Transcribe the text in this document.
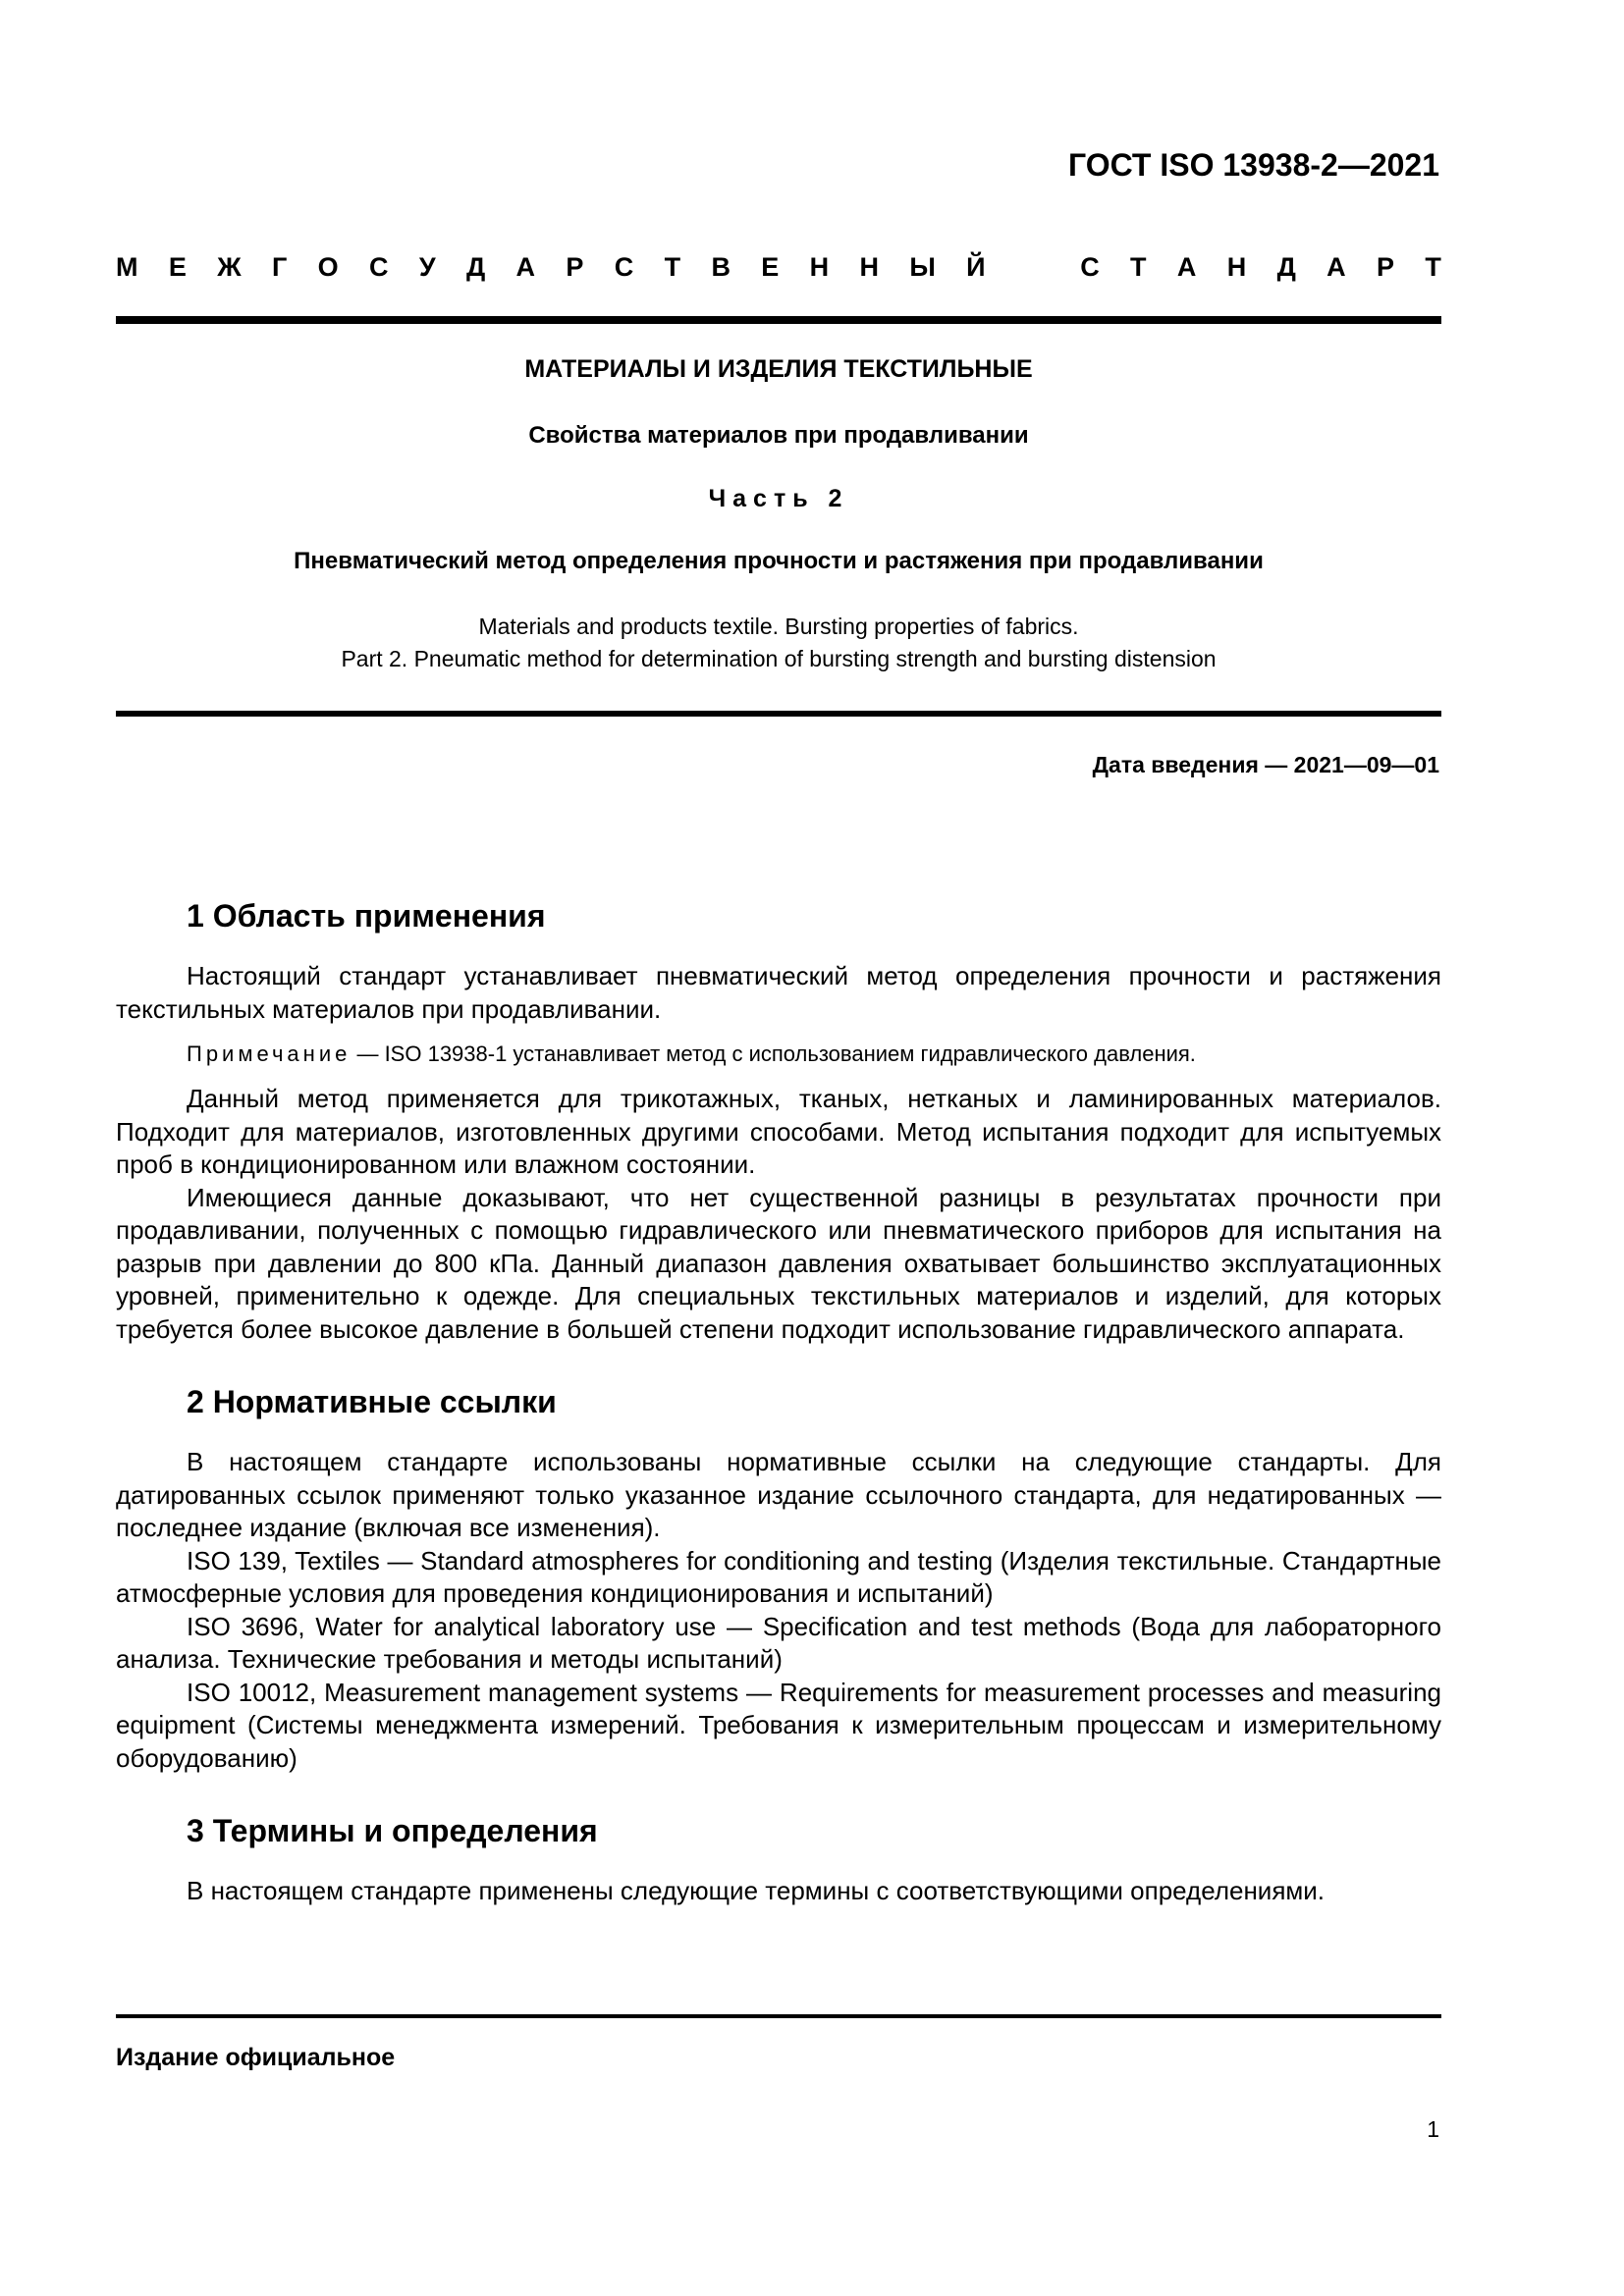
ГОСТ ISO 13938-2—2021
М Е Ж Г О С У Д А Р С Т В Е Н Н Ы Й	С Т А Н Д А Р Т
МАТЕРИАЛЫ И ИЗДЕЛИЯ ТЕКСТИЛЬНЫЕ
Свойства материалов при продавливании
Часть 2
Пневматический метод определения прочности и растяжения при продавливании
Materials and products textile. Bursting properties of fabrics.
Part 2. Pneumatic method for determination of bursting strength and bursting distension
Дата введения — 2021—09—01
1 Область применения

Настоящий стандарт устанавливает пневматический метод определения прочности и растяжения текстильных материалов при продавливании.

Примечание — ISO 13938-1 устанавливает метод с использованием гидравлического давления.

Данный метод применяется для трикотажных, тканых, нетканых и ламинированных материалов. Подходит для материалов, изготовленных другими способами. Метод испытания подходит для испытуемых проб в кондиционированном или влажном состоянии.

Имеющиеся данные доказывают, что нет существенной разницы в результатах прочности при продавливании, полученных с помощью гидравлического или пневматического приборов для испытания на разрыв при давлении до 800 кПа. Данный диапазон давления охватывает большинство эксплуатационных уровней, применительно к одежде. Для специальных текстильных материалов и изделий, для которых требуется более высокое давление в большей степени подходит использование гидравлического аппарата.

2 Нормативные ссылки

В настоящем стандарте использованы нормативные ссылки на следующие стандарты. Для датированных ссылок применяют только указанное издание ссылочного стандарта, для недатированных — последнее издание (включая все изменения).

ISO 139, Textiles — Standard atmospheres for conditioning and testing (Изделия текстильные. Стандартные атмосферные условия для проведения кондиционирования и испытаний)

ISO 3696, Water for analytical laboratory use — Specification and test methods (Вода для лабораторного анализа. Технические требования и методы испытаний)

ISO 10012, Measurement management systems — Requirements for measurement processes and measuring equipment (Системы менеджмента измерений. Требования к измерительным процессам и измерительному оборудованию)

3 Термины и определения

В настоящем стандарте применены следующие термины с соответствующими определениями.

Издание официальное
1
